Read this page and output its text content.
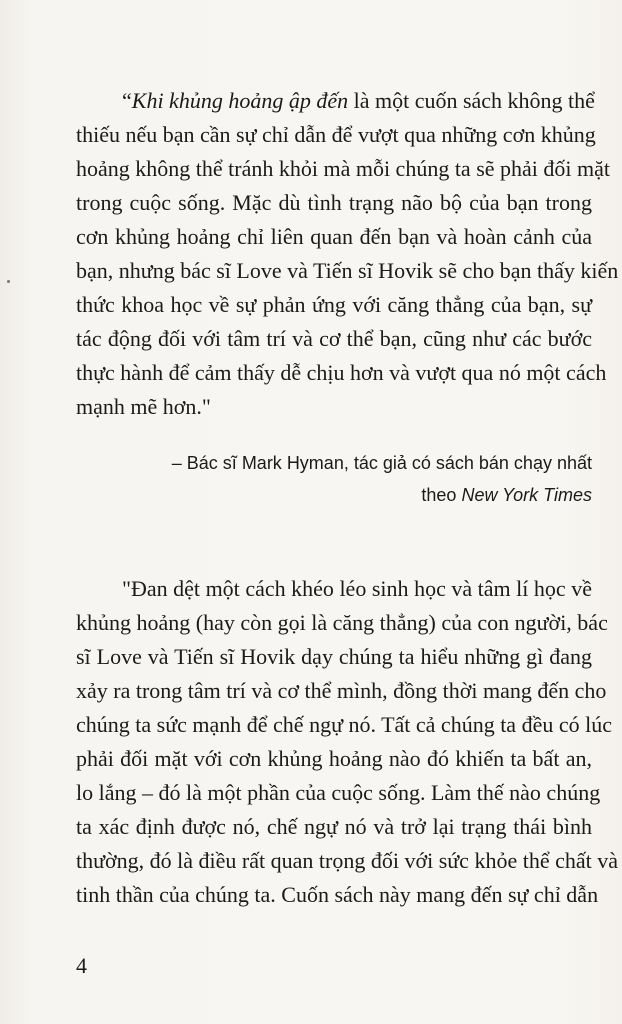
“Khi khủng hoảng ập đến là một cuốn sách không thể
thiếu nếu bạn cần sự chỉ dẫn để vượt qua những cơn khủng
hoảng không thể tránh khỏi mà mỗi chúng ta sẽ phải đối mặt
trong cuộc sống. Mặc dù tình trạng não bộ của bạn trong
cơn khủng hoảng chỉ liên quan đến bạn và hoàn cảnh của
bạn, nhưng bác sĩ Love và Tiến sĩ Hovik sẽ cho bạn thấy kiến
thức khoa học về sự phản ứng với căng thẳng của bạn, sự
tác động đối với tâm trí và cơ thể bạn, cũng như các bước
thực hành để cảm thấy dễ chịu hơn và vượt qua nó một cách
mạnh mẽ hơn."
– Bác sĩ Mark Hyman, tác giả có sách bán chạy nhất
theo New York Times
"Đan dệt một cách khéo léo sinh học và tâm lí học về
khủng hoảng (hay còn gọi là căng thẳng) của con người, bác
sĩ Love và Tiến sĩ Hovik dạy chúng ta hiểu những gì đang
xảy ra trong tâm trí và cơ thể mình, đồng thời mang đến cho
chúng ta sức mạnh để chế ngự nó. Tất cả chúng ta đều có lúc
phải đối mặt với cơn khủng hoảng nào đó khiến ta bất an,
lo lắng – đó là một phần của cuộc sống. Làm thế nào chúng
ta xác định được nó, chế ngự nó và trở lại trạng thái bình
thường, đó là điều rất quan trọng đối với sức khỏe thể chất và
tinh thần của chúng ta. Cuốn sách này mang đến sự chỉ dẫn
4
